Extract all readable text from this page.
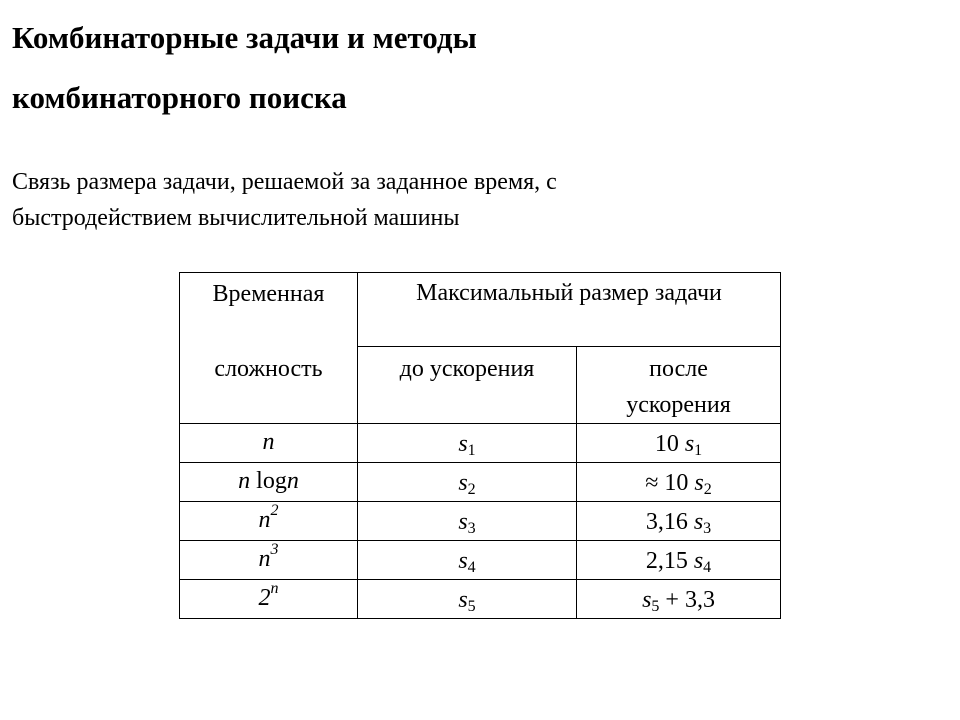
Комбинаторные задачи и методы
комбинаторного поиска
Связь размера задачи, решаемой за заданное время, с
быстродействием вычислительной машины
Временная
сложность	Максимальный размер задачи	
	до ускорения	после ускорения

n	$s_1$	10 $s_1$

n logn	$s_2$	≈ 10 $s_2$

$n^2$	$s_3$	3,16 $s_3$

$n^3$	$s_4$	2,15 $s_4$

2$^n$	$s_5$	$s_5 + 3,3$
